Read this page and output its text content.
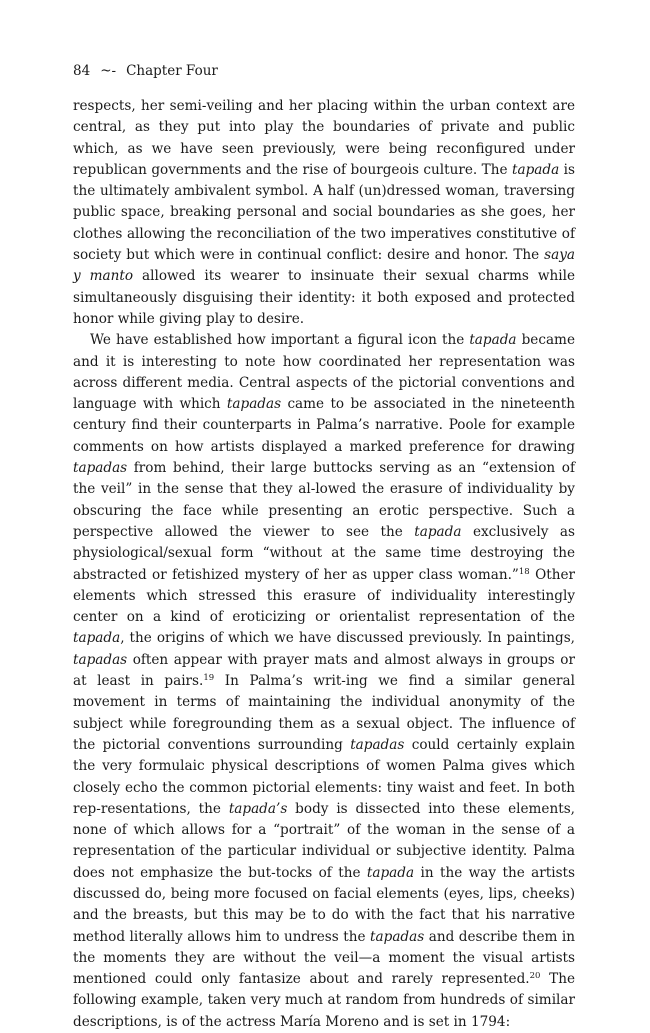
84 ~- Chapter Four

respects, her semi-veiling and her placing within the urban context are central, as they put into play the boundaries of private and public which, as we have seen previously, were being reconfigured under republican governments and the rise of bourgeois culture. The tapada is the ultimately ambivalent symbol. A half (un)dressed woman, traversing public space, breaking personal and social boundaries as she goes, her clothes allowing the reconciliation of the two imperatives constitutive of society but which were in continual conflict: desire and honor. The saya y manto allowed its wearer to insinuate their sexual charms while simultaneously disguising their identity: it both exposed and protected honor while giving play to desire.

We have established how important a figural icon the tapada became and it is interesting to note how coordinated her representation was across different media. Central aspects of the pictorial conventions and language with which tapadas came to be associated in the nineteenth century find their counterparts in Palma’s narrative. Poole for example comments on how artists displayed a marked preference for drawing tapadas from behind, their large buttocks serving as an “extension of the veil” in the sense that they al-lowed the erasure of individuality by obscuring the face while presenting an erotic perspective. Such a perspective allowed the viewer to see the tapada exclusively as physiological/sexual form “without at the same time destroying the abstracted or fetishized mystery of her as upper class woman.”$^{18}$ Other elements which stressed this erasure of individuality interestingly center on a kind of eroticizing or orientalist representation of the tapada, the origins of which we have discussed previously. In paintings, tapadas often appear with prayer mats and almost always in groups or at least in pairs.$^{19}$ In Palma’s writ-ing we find a similar general movement in terms of maintaining the individual anonymity of the subject while foregrounding them as a sexual object. The influence of the pictorial conventions surrounding tapadas could certainly explain the very formulaic physical descriptions of women Palma gives which closely echo the common pictorial elements: tiny waist and feet. In both rep-resentations, the tapada’s body is dissected into these elements, none of which allows for a “portrait” of the woman in the sense of a representation of the particular individual or subjective identity. Palma does not emphasize the but-tocks of the tapada in the way the artists discussed do, being more focused on facial elements (eyes, lips, cheeks) and the breasts, but this may be to do with the fact that his narrative method literally allows him to undress the tapadas and describe them in the moments they are without the veil—a moment the visual artists mentioned could only fantasize about and rarely represented.$^{20}$ The following example, taken very much at random from hundreds of similar descriptions, is of the actress María Moreno and is set in 1794:
